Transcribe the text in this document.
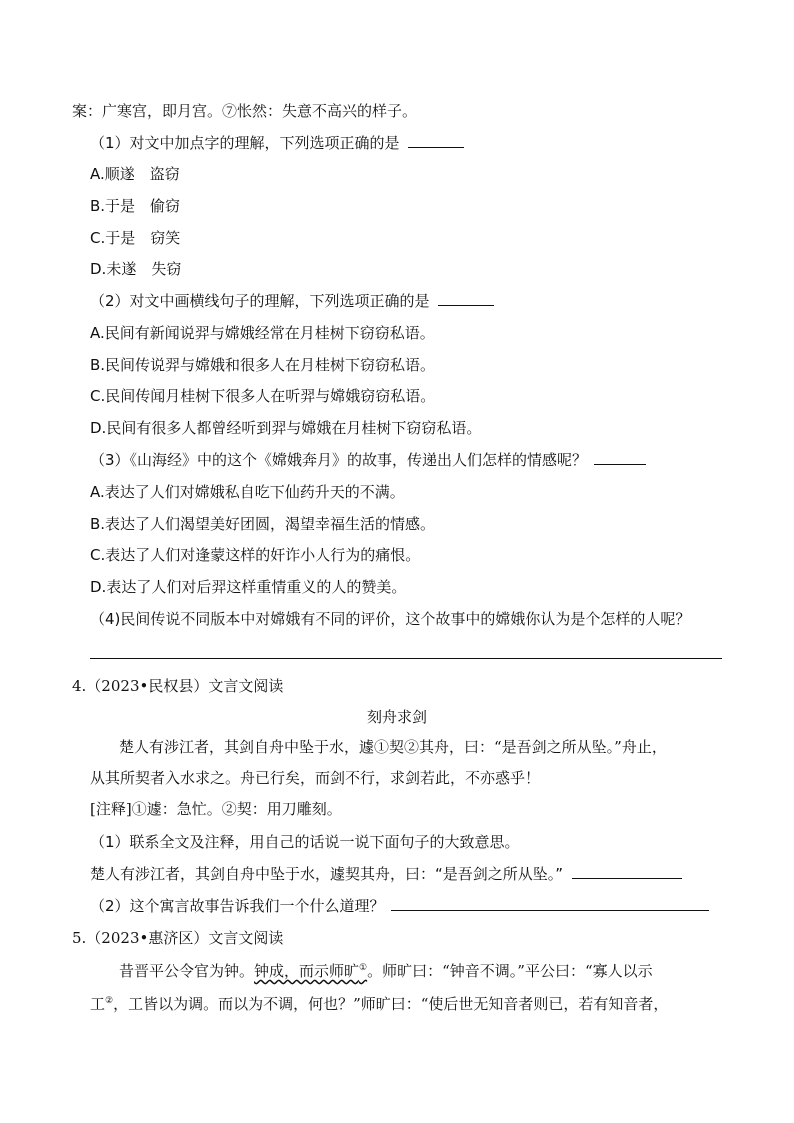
案：广寒宫，即月宫。⑦怅然：失意不高兴的样子。
（1）对文中加点字的理解，下列选项正确的是
A.顺遂　盗窃
B.于是　偷窃
C.于是　窃笑
D.未遂　失窃
（2）对文中画横线句子的理解，下列选项正确的是
A.民间有新闻说羿与嫦娥经常在月桂树下窃窃私语。
B.民间传说羿与嫦娥和很多人在月桂树下窃窃私语。
C.民间传闻月桂树下很多人在听羿与嫦娥窃窃私语。
D.民间有很多人都曾经听到羿与嫦娥在月桂树下窃窃私语。
（3）《山海经》中的这个《嫦娥奔月》的故事，传递出人们怎样的情感呢？
A.表达了人们对嫦娥私自吃下仙药升天的不满。
B.表达了人们渴望美好团圆，渴望幸福生活的情感。
C.表达了人们对逢蒙这样的奸诈小人行为的痛恨。
D.表达了人们对后羿这样重情重义的人的赞美。
（4)民间传说不同版本中对嫦娥有不同的评价，这个故事中的嫦娥你认为是个怎样的人呢？
4.（2023•民权县）文言文阅读
刻舟求剑
楚人有涉江者，其剑自舟中坠于水，遽①契②其舟，曰：“是吾剑之所从坠。”舟止，
从其所契者入水求之。舟已行矣，而剑不行，求剑若此，不亦惑乎！
[注释]①遽：急忙。②契：用刀雕刻。
（1）联系全文及注释，用自己的话说一说下面句子的大致意思。
楚人有涉江者，其剑自舟中坠于水，遽契其舟，曰：“是吾剑之所从坠。”
（2）这个寓言故事告诉我们一个什么道理？
5.（2023•惠济区）文言文阅读
昔晋平公令官为钟。钟成，而示师旷①。师旷曰：“钟音不调。”平公曰：“寡人以示
工②，工皆以为调。而以为不调，何也？”师旷曰：“使后世无知音者则已，若有知音者，
